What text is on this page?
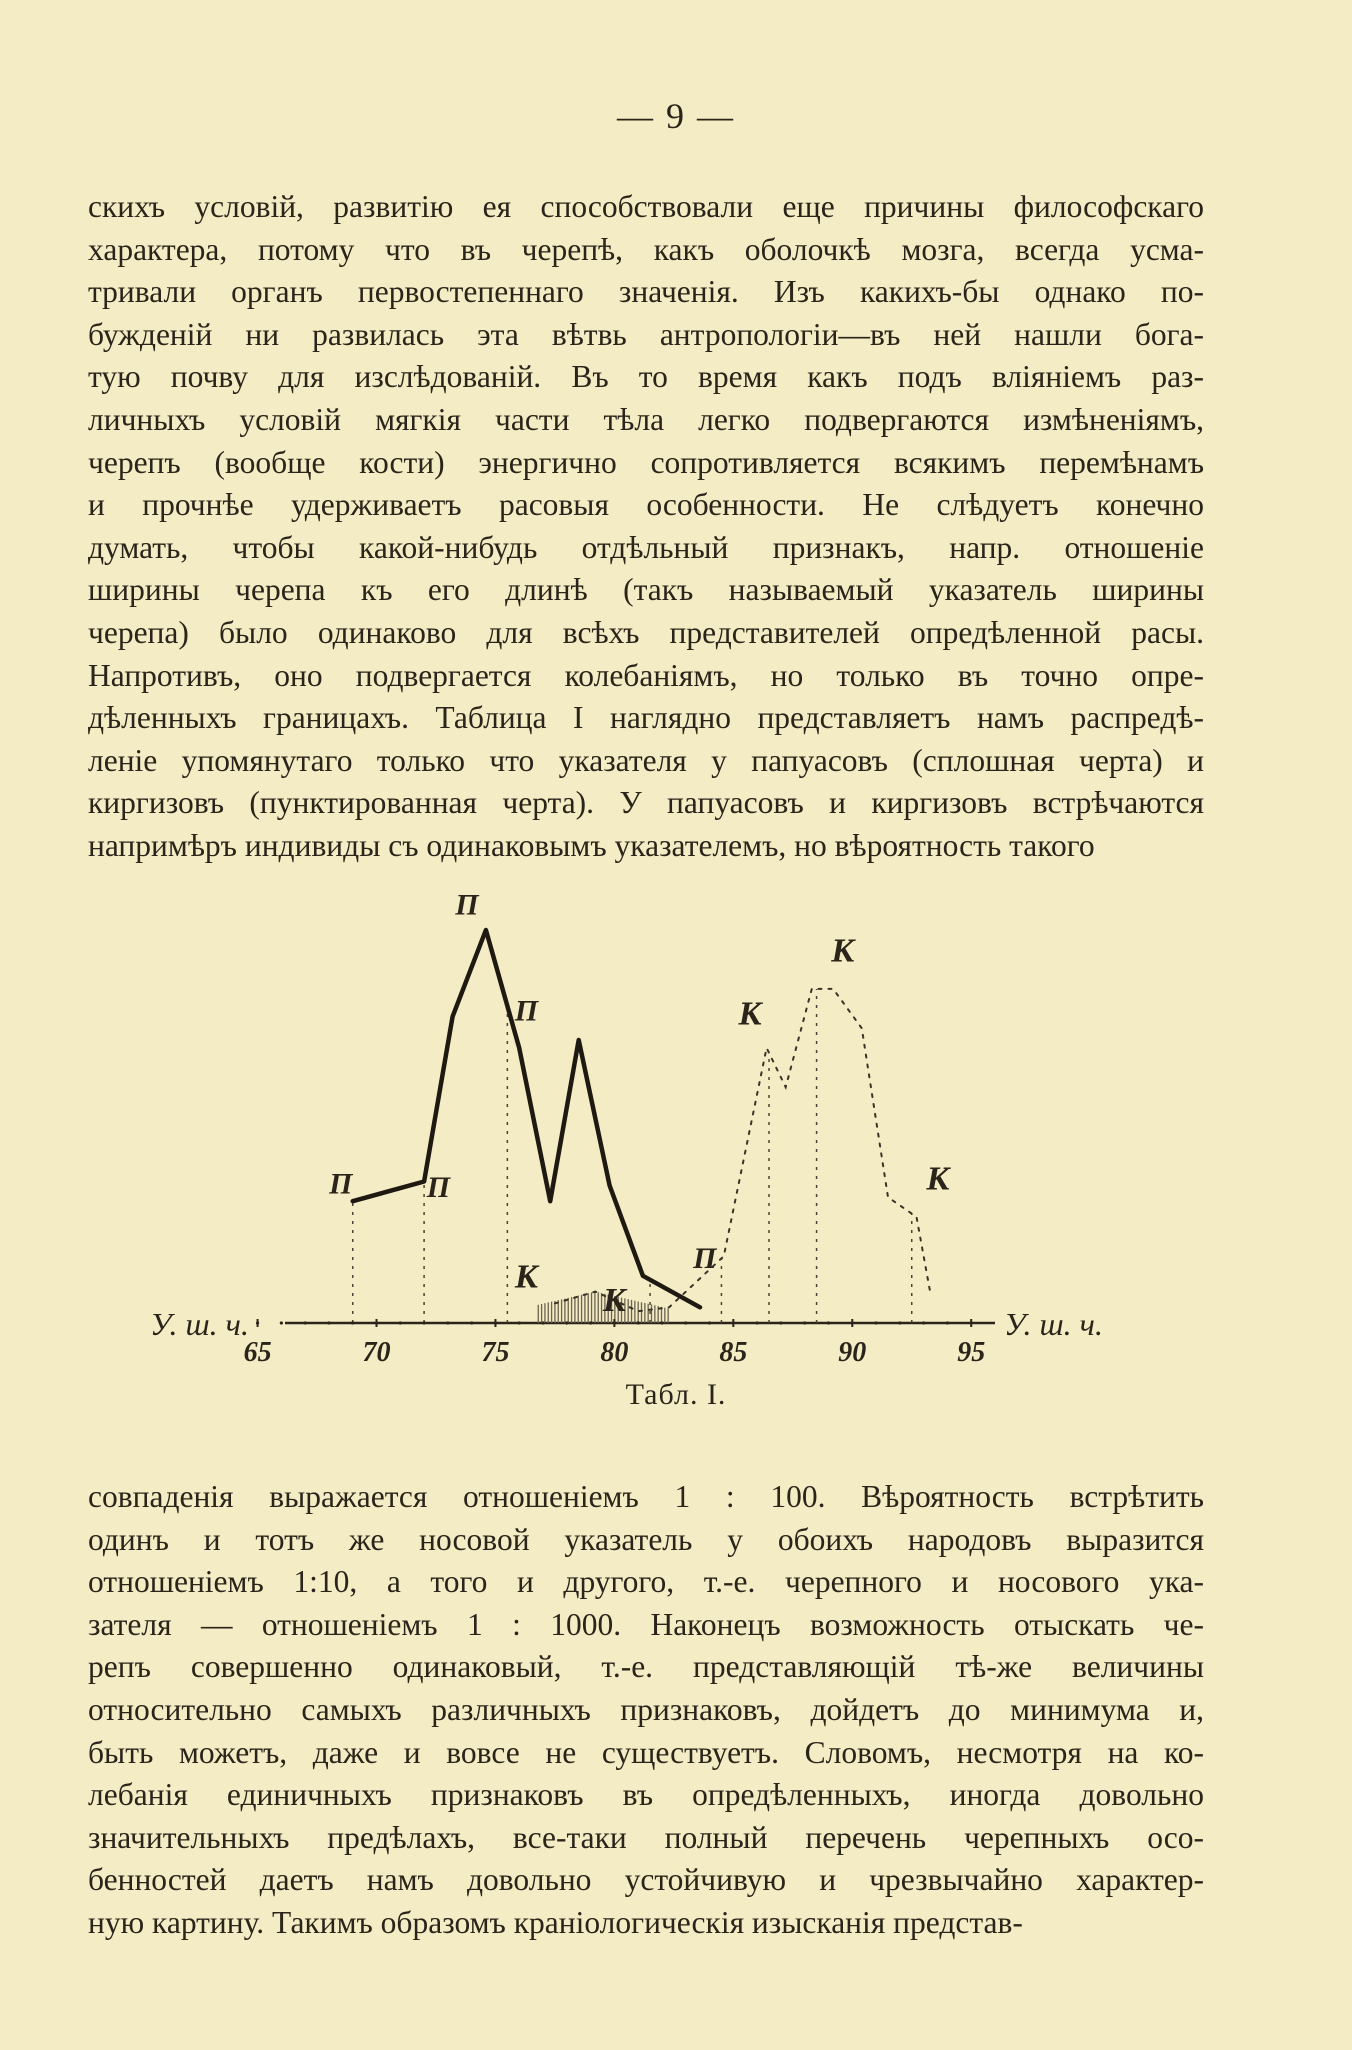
— 9 —
скихъ условій, развитію ея способствовали еще причины философскаго
характера, потому что въ черепѣ, какъ оболочкѣ мозга, всегда усма-
тривали органъ первостепеннаго значенія. Изъ какихъ-бы однако по-
бужденій ни развилась эта вѣтвь антропологіи—въ ней нашли бога-
тую почву для изслѣдованій. Въ то время какъ подъ вліяніемъ раз-
личныхъ условій мягкія части тѣла легко подвергаются измѣненіямъ,
черепъ (вообще кости) энергично сопротивляется всякимъ перемѣнамъ
и прочнѣе удерживаетъ расовыя особенности. Не слѣдуетъ конечно
думать, чтобы какой-нибудь отдѣльный признакъ, напр. отношеніе
ширины черепа къ его длинѣ (такъ называемый указатель ширины
черепа) было одинаково для всѣхъ представителей опредѣленной расы.
Напротивъ, оно подвергается колебаніямъ, но только въ точно опре-
дѣленныхъ границахъ. Таблица I наглядно представляетъ намъ распредѣ-
леніе упомянутаго только что указателя у папуасовъ (сплошная черта) и
киргизовъ (пунктированная черта). У папуасовъ и киргизовъ встрѣчаются
напримѣръ индивиды съ одинаковымъ указателемъ, но вѣроятность такого
65	70	75	80	85	90	95
П
П
П П
П
К
К
К
К
К
У. ш. ч.	У. ш. ч.
Табл. I.
совпаденія выражается отношеніемъ 1 : 100. Вѣроятность встрѣтить
одинъ и тотъ же носовой указатель у обоихъ народовъ выразится
отношеніемъ 1:10, а того и другого, т.-е. черепного и носового ука-
зателя — отношеніемъ 1 : 1000. Наконецъ возможность отыскать че-
репъ совершенно одинаковый, т.-е. представляющій тѣ-же величины
относительно самыхъ различныхъ признаковъ, дойдетъ до минимума и,
быть можетъ, даже и вовсе не существуетъ. Словомъ, несмотря на ко-
лебанія единичныхъ признаковъ въ опредѣленныхъ, иногда довольно
значительныхъ предѣлахъ, все-таки полный перечень черепныхъ осо-
бенностей даетъ намъ довольно устойчивую и чрезвычайно характер-
ную картину. Такимъ образомъ краніологическія изысканія представ-
